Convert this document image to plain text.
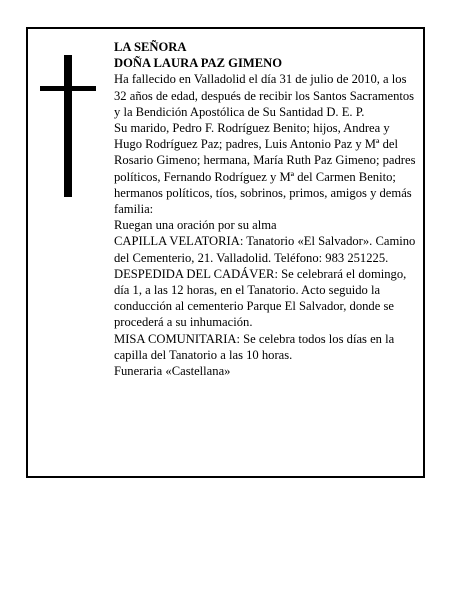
LA SEÑORA

DOÑA LAURA PAZ GIMENO

Ha fallecido en Valladolid el día 31 de julio de 2010, a los 32 años de edad, después de recibir los Santos Sacramentos y la Bendición Apostólica de Su Santidad D. E. P.

Su marido, Pedro F. Rodríguez Benito; hijos, Andrea y Hugo Rodríguez Paz; padres, Luis Antonio Paz y Mª del Rosario Gimeno; hermana, María Ruth Paz Gimeno; padres políticos, Fernando Rodríguez y Mª del Carmen Benito; hermanos políticos, tíos, sobrinos, primos, amigos y demás familia:

Ruegan una oración por su alma

CAPILLA VELATORIA: Tanatorio «El Salvador». Camino del Cementerio, 21. Valladolid. Teléfono: 983 251225.

DESPEDIDA DEL CADÁVER: Se celebrará el domingo, día 1, a las 12 horas, en el Tanatorio. Acto seguido la conducción al cementerio Parque El Salvador, donde se procederá a su inhumación.

MISA COMUNITARIA: Se celebra todos los días en la capilla del Tanatorio a las 10 horas.

Funeraria «Castellana»
